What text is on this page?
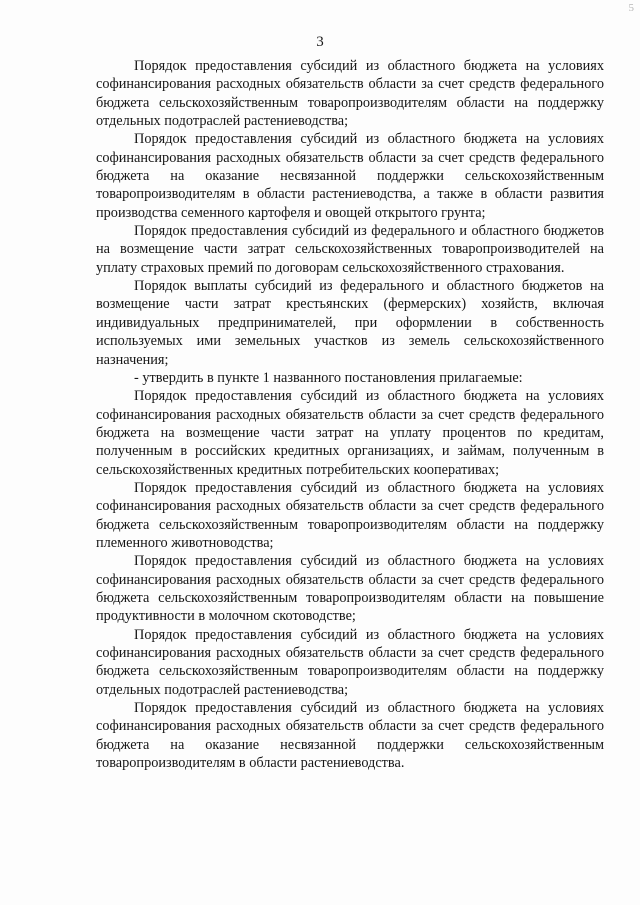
5
3

Порядок предоставления субсидий из областного бюджета на условиях софинансирования расходных обязательств области за счет средств федерального бюджета сельскохозяйственным товаропроизводителям области на поддержку отдельных подотраслей растениеводства;

Порядок предоставления субсидий из областного бюджета на условиях софинансирования расходных обязательств области за счет средств федерального бюджета на оказание несвязанной поддержки сельскохозяйственным товаропроизводителям в области растениеводства, а также в области развития производства семенного картофеля и овощей открытого грунта;

Порядок предоставления субсидий из федерального и областного бюджетов на возмещение части затрат сельскохозяйственных товаропроизводителей на уплату страховых премий по договорам сельскохозяйственного страхования.

Порядок выплаты субсидий из федерального и областного бюджетов на возмещение части затрат крестьянских (фермерских) хозяйств, включая индивидуальных предпринимателей, при оформлении в собственность используемых ими земельных участков из земель сельскохозяйственного назначения;

- утвердить в пункте 1 названного постановления прилагаемые:

Порядок предоставления субсидий из областного бюджета на условиях софинансирования расходных обязательств области за счет средств федерального бюджета на возмещение части затрат на уплату процентов по кредитам, полученным в российских кредитных организациях, и займам, полученным в сельскохозяйственных кредитных потребительских кооперативах;

Порядок предоставления субсидий из областного бюджета на условиях софинансирования расходных обязательств области за счет средств федерального бюджета сельскохозяйственным товаропроизводителям области на поддержку племенного животноводства;

Порядок предоставления субсидий из областного бюджета на условиях софинансирования расходных обязательств области за счет средств федерального бюджета сельскохозяйственным товаропроизводителям области на повышение продуктивности в молочном скотоводстве;

Порядок предоставления субсидий из областного бюджета на условиях софинансирования расходных обязательств области за счет средств федерального бюджета сельскохозяйственным товаропроизводителям области на поддержку отдельных подотраслей растениеводства;

Порядок предоставления субсидий из областного бюджета на условиях софинансирования расходных обязательств области за счет средств федерального бюджета на оказание несвязанной поддержки сельскохозяйственным товаропроизводителям в области растениеводства.
